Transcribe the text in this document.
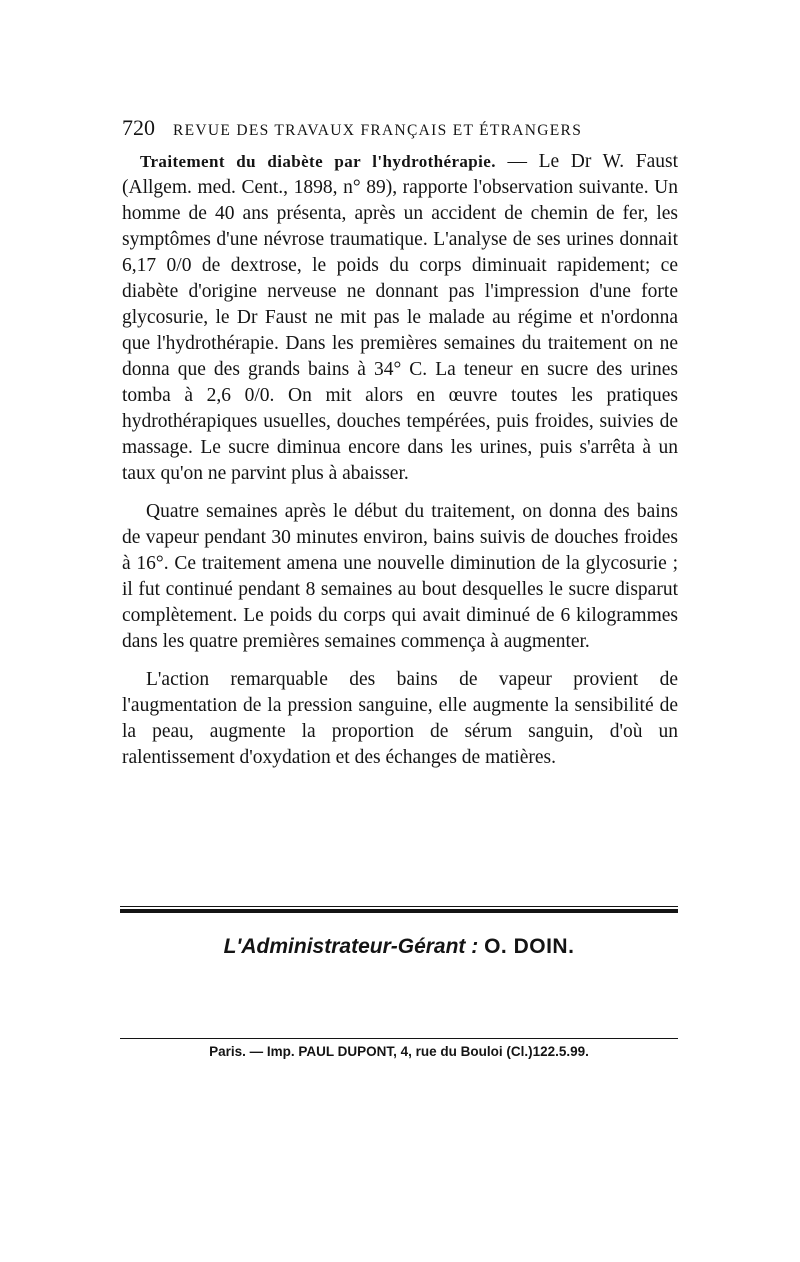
720 REVUE DES TRAVAUX FRANÇAIS ET ÉTRANGERS

Traitement du diabète par l'hydrothérapie. — Le Dr W. Faust (Allgem. med. Cent., 1898, n° 89), rapporte l'observation suivante. Un homme de 40 ans présenta, après un accident de chemin de fer, les symptômes d'une névrose traumatique. L'analyse de ses urines donnait 6,17 0/0 de dextrose, le poids du corps diminuait rapidement; ce diabète d'origine nerveuse ne donnant pas l'impression d'une forte glycosurie, le Dr Faust ne mit pas le malade au régime et n'ordonna que l'hydrothérapie. Dans les premières semaines du traitement on ne donna que des grands bains à 34° C. La teneur en sucre des urines tomba à 2,6 0/0. On mit alors en œuvre toutes les pratiques hydrothérapiques usuelles, douches tempérées, puis froides, suivies de massage. Le sucre diminua encore dans les urines, puis s'arrêta à un taux qu'on ne parvint plus à abaisser.

Quatre semaines après le début du traitement, on donna des bains de vapeur pendant 30 minutes environ, bains suivis de douches froides à 16°. Ce traitement amena une nouvelle diminution de la glycosurie ; il fut continué pendant 8 semaines au bout desquelles le sucre disparut complètement. Le poids du corps qui avait diminué de 6 kilogrammes dans les quatre premières semaines commença à augmenter.

L'action remarquable des bains de vapeur provient de l'augmentation de la pression sanguine, elle augmente la sensibilité de la peau, augmente la proportion de sérum sanguin, d'où un ralentissement d'oxydation et des échanges de matières.

L'Administrateur-Gérant : O. DOIN.
Paris. — Imp. PAUL DUPONT, 4, rue du Bouloi (Cl.)122.5.99.
